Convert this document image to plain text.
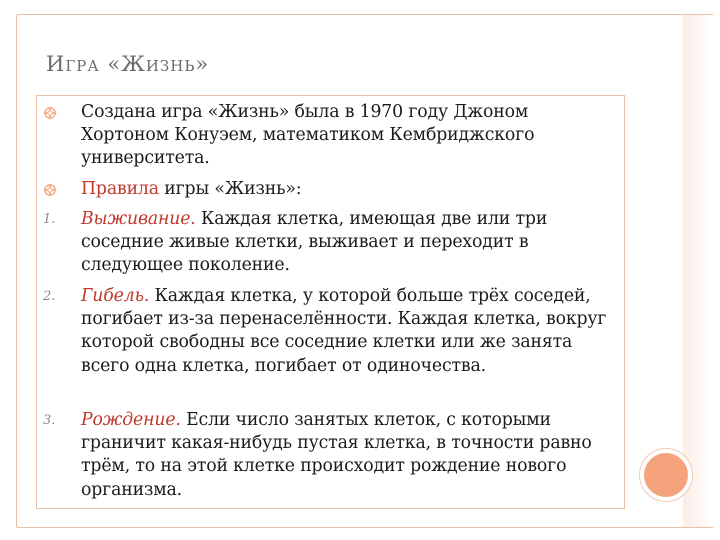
Игра «Жизнь»
Создана игра «Жизнь» была в 1970 году Джоном Хортоном Конуэем, математиком Кембриджского университета.
Правила игры «Жизнь»:
1. Выживание. Каждая клетка, имеющая две или три соседние живые клетки, выживает и переходит в следующее поколение.
2. Гибель. Каждая клетка, у которой больше трёх соседей, погибает из-за перенаселённости. Каждая клетка, вокруг которой свободны все соседние клетки или же занята всего одна клетка, погибает от одиночества.
3. Рождение. Если число занятых клеток, с которыми граничит какая-нибудь пустая клетка, в точности равно трём, то на этой клетке происходит рождение нового организма.
